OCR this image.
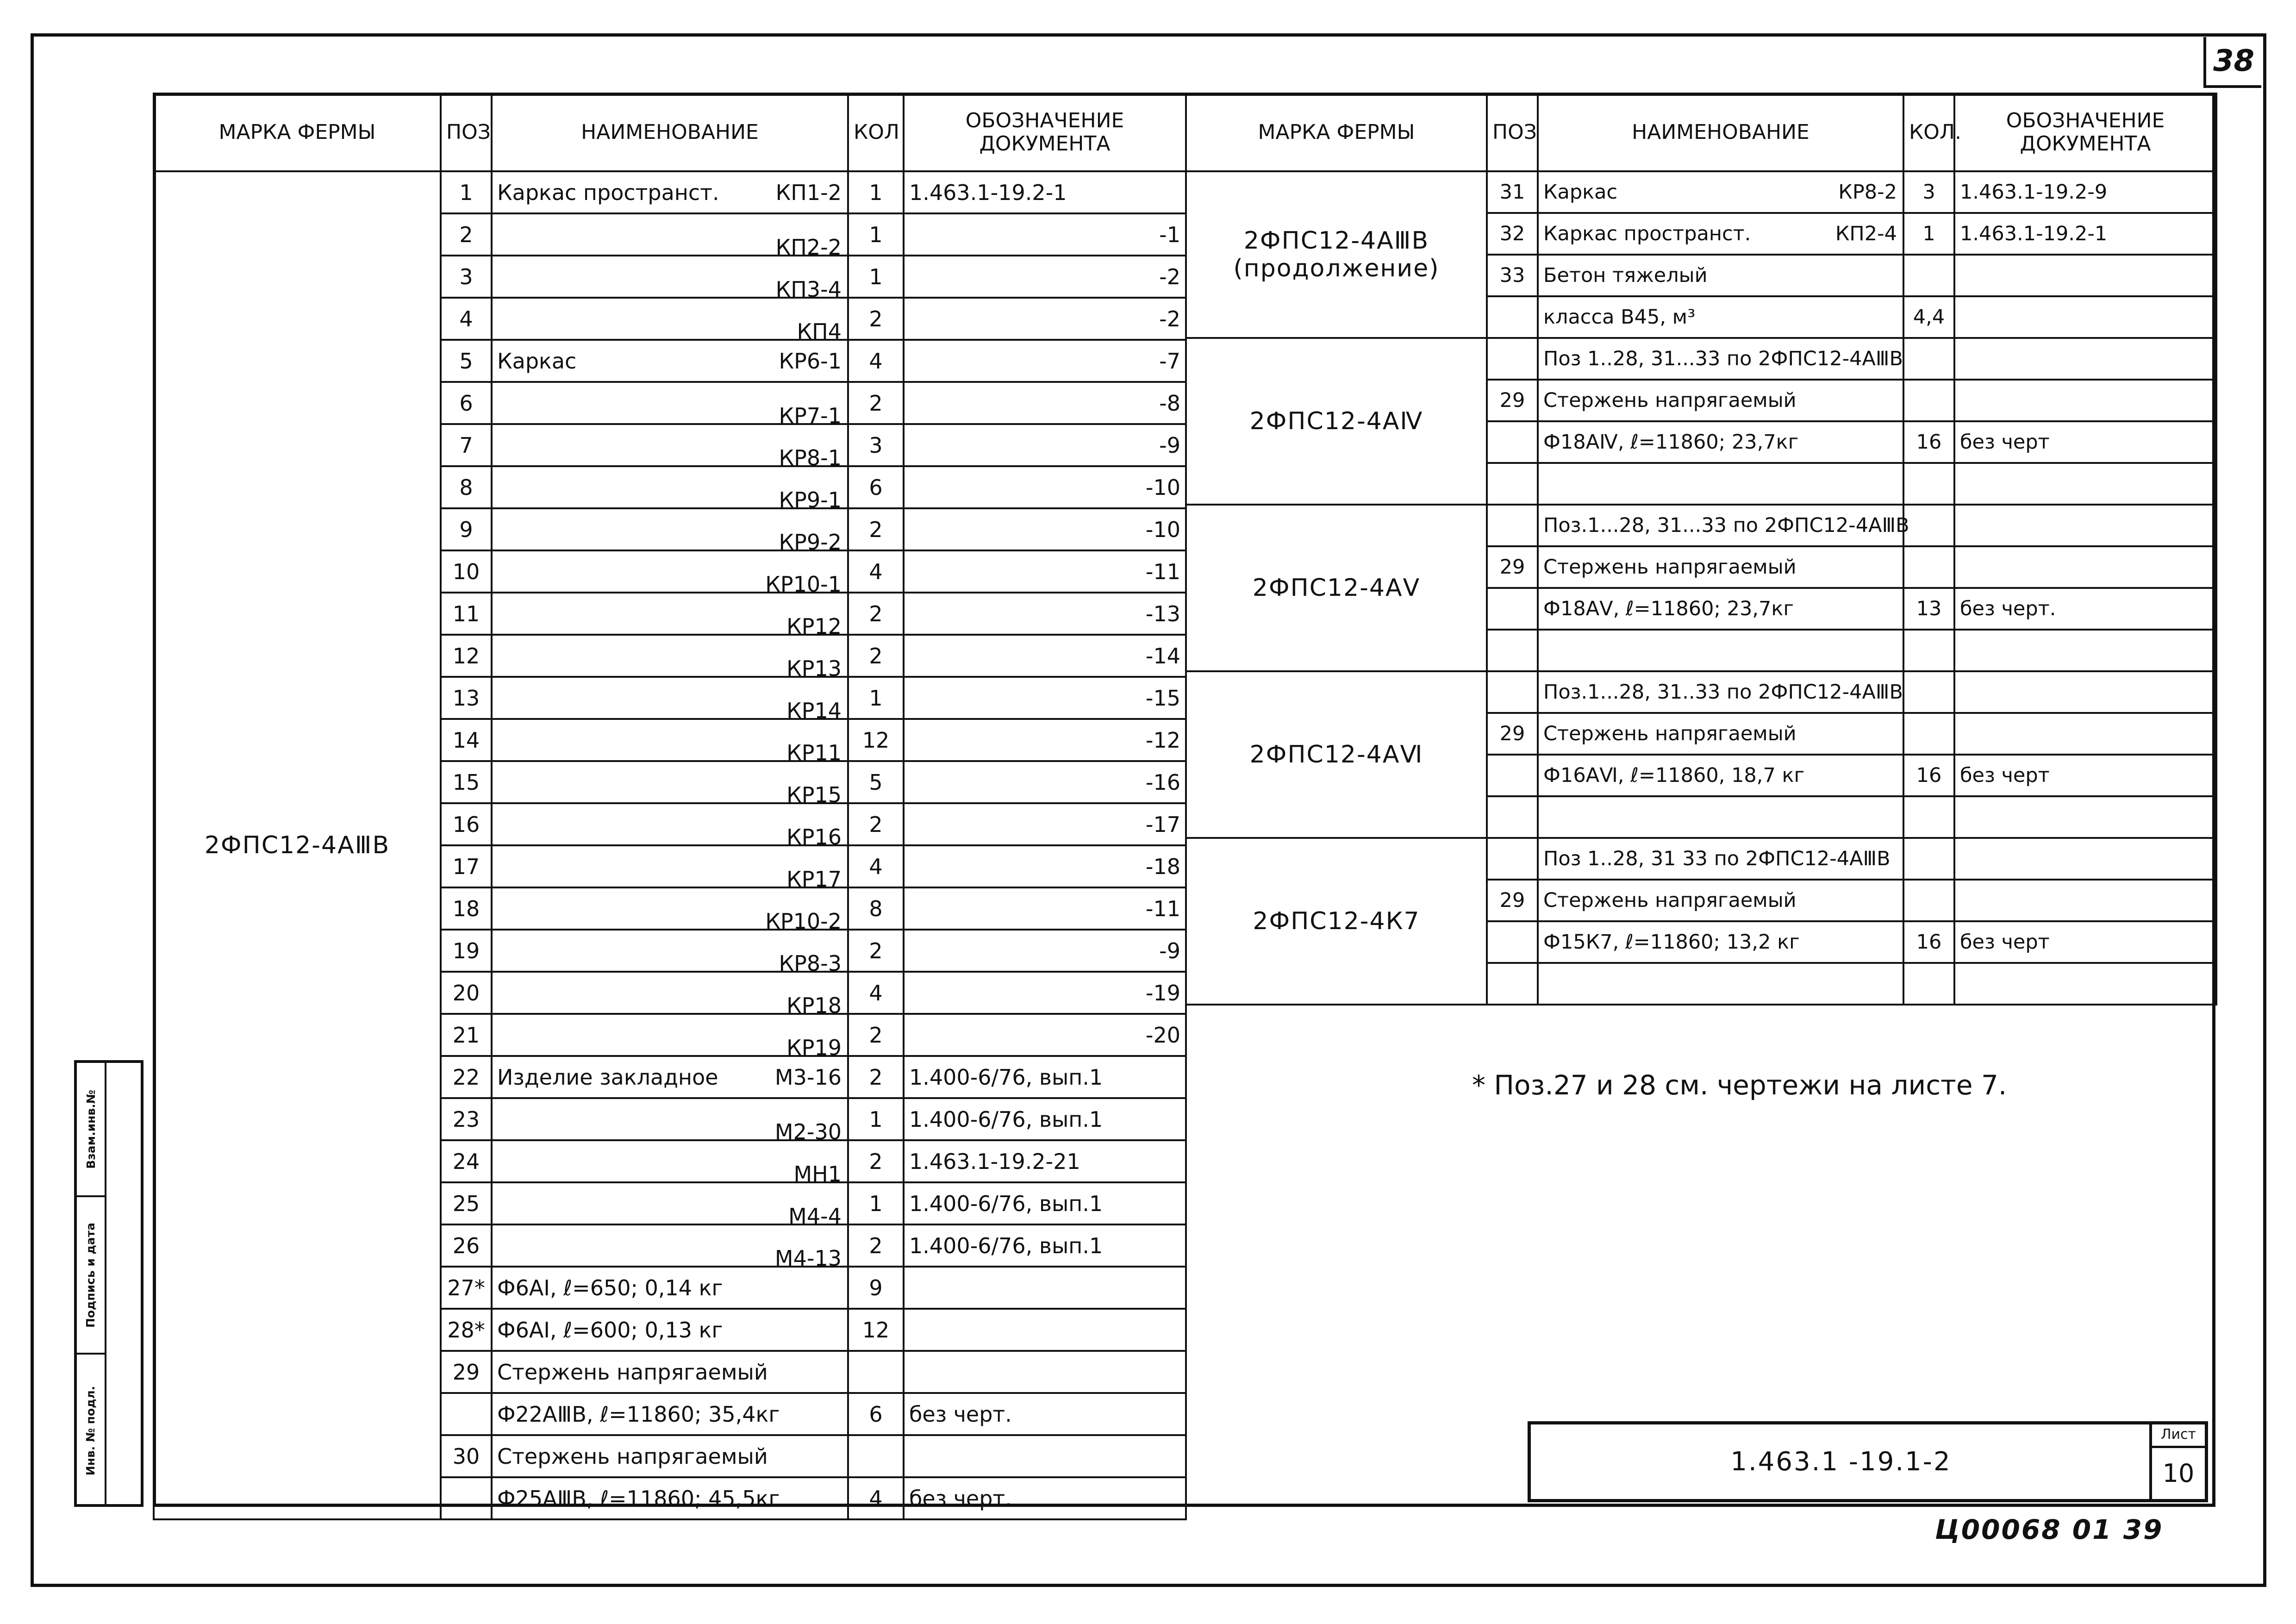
38
Взам.инв.№
Подпись и дата
Инв. № подл.
МАРКА ФЕРМЫ	ПОЗ	НАИМЕНОВАНИЕ	КОЛ	ОБОЗНАЧЕНИЕ ДОКУМЕНТА
2ФПС12-4АⅢВ	1	Каркас пространст. КП1-2	1	1.463.1-19.2-1
	2	КП2-2	1	-1
	3	КП3-4	1	-2
	4	КП4	2	-2
	5	Каркас КР6-1	4	-7
	6	КР7-1	2	-8
	7	КР8-1	3	-9
	8	КР9-1	6	-10
	9	КР9-2	2	-10
	10	КР10-1	4	-11
	11	КР12	2	-13
	12	КР13	2	-14
	13	КР14	1	-15
	14	КР11	12	-12
	15	КР15	5	-16
	16	КР16	2	-17
	17	КР17	4	-18
	18	КР10-2	8	-11
	19	КР8-3	2	-9
	20	КР18	4	-19
	21	КР19	2	-20
	22	Изделие закладное М3-16	2	1.400-6/76, вып.1
	23	М2-30	1	1.400-6/76, вып.1
	24	МН1	2	1.463.1-19.2-21
	25	М4-4	1	1.400-6/76, вып.1
	26	М4-13	2	1.400-6/76, вып.1
	27*	Ф6АⅠ, ℓ=650; 0,14 кг	9	
	28*	Ф6АⅠ, ℓ=600; 0,13 кг	12	
	29	Стержень напрягаемый

		Ф22АⅢВ, ℓ=11860; 35,4кг	6	без черт.
	30	Стержень напрягаемый

		Ф25АⅢВ, ℓ=11860; 45,5кг	4	без черт.
МАРКА ФЕРМЫ	ПОЗ	НАИМЕНОВАНИЕ	КОЛ.	ОБОЗНАЧЕНИЕ ДОКУМЕНТА
2ФПС12-4АⅢВ (продолжение)	31	Каркас КР8-2	3	1.463.1-19.2-9
	32	Каркас пространст. КП2-4	1	1.463.1-19.2-1
	33	Бетон тяжелый

		класса В45, м³	4,4	
2ФПС12-4АⅣ		Поз 1..28, 31...33 по 2ФПС12-4АⅢВ

	29	Стержень напрягаемый

		Ф18АⅣ, ℓ=11860; 23,7кг	16	без черт

2ФПС12-4АⅤ		Поз.1...28, 31...33 по 2ФПС12-4АⅢВ

	29	Стержень напрягаемый

		Ф18АⅤ, ℓ=11860; 23,7кг	13	без черт.

2ФПС12-4АⅥ		Поз.1...28, 31..33 по 2ФПС12-4АⅢВ

	29	Стержень напрягаемый

		Ф16АⅥ, ℓ=11860, 18,7 кг	16	без черт

2ФПС12-4К7		Поз 1..28, 31 33 по 2ФПС12-4АⅢВ

	29	Стержень напрягаемый

		Ф15К7, ℓ=11860; 13,2 кг	16	без черт

* Поз.27 и 28 см. чертежи на листе 7.
1.463.1 -19.1-2
Лист
10
Ц00068 01 39
